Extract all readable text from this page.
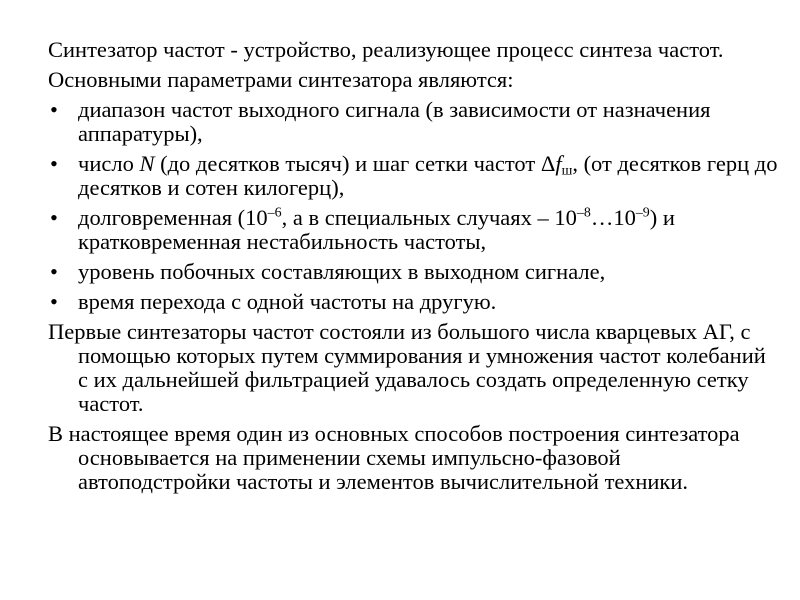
Синтезатор частот - устройство, реализующее процесс синтеза частот.

Основными параметрами синтезатора являются:

• диапазон частот выходного сигнала (в зависимости от назначения аппаратуры),
• число N (до десятков тысяч) и шаг сетки частот $\Delta f_ш$, (от десятков герц до десятков и сотен килогерц),
• долговременная ($10^{-6}$, а в специальных случаях – $10^{-8}\dots 10^{-9}$) и кратковременная нестабильность частоты,
• уровень побочных составляющих в выходном сигнале,
• время перехода с одной частоты на другую.

Первые синтезаторы частот состояли из большого числа кварцевых АГ, с помощью которых путем суммирования и умножения частот колебаний с их дальнейшей фильтрацией удавалось создать определенную сетку частот.

В настоящее время один из основных способов построения синтезатора основывается на применении схемы импульсно-фазовой автоподстройки частоты и элементов вычислительной техники.
